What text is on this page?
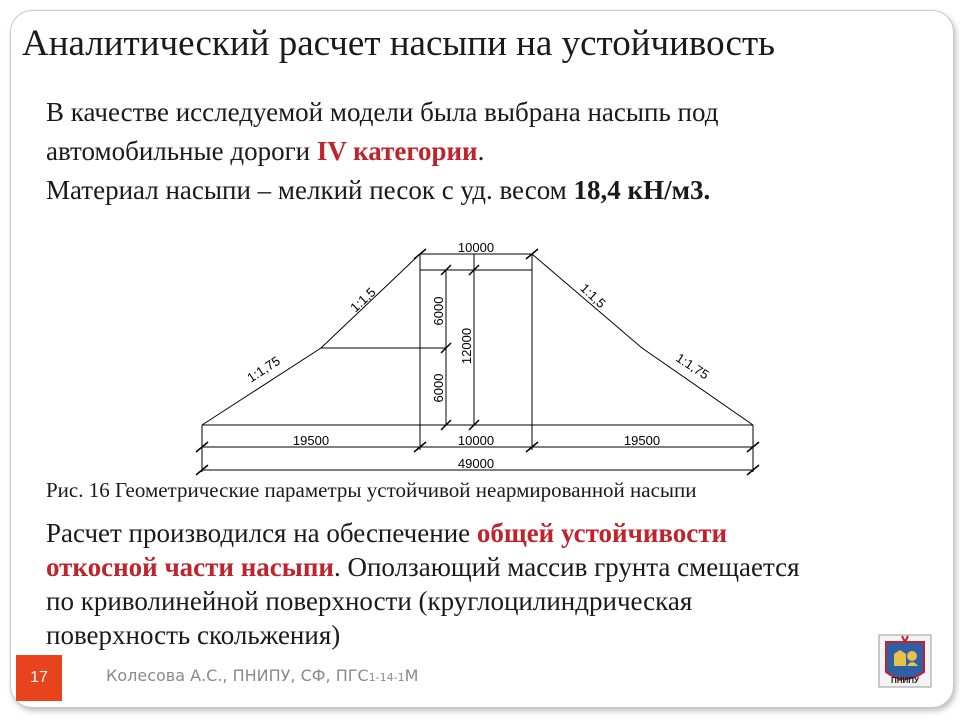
Аналитический расчет насыпи на устойчивость
В качестве исследуемой модели была выбрана насыпь под
автомобильные дороги IV категории.
Материал насыпи – мелкий песок с уд. весом 18,4 кН/м3.
10000
19500	10000	19500
49000
6000
6000
12000
1:1,5
1:1,75
1:1,5
1:1,75
Рис. 16 Геометрические параметры устойчивой неармированной насыпи
Расчет производился на обеспечение общей устойчивости
откосной части насыпи. Оползающий массив грунта смещается
по криволинейной поверхности (круглоцилиндрическая
поверхность скольжения)
17	Колесова А.С., ПНИПУ, СФ, ПГС1-14-1М	ПНИПУ
